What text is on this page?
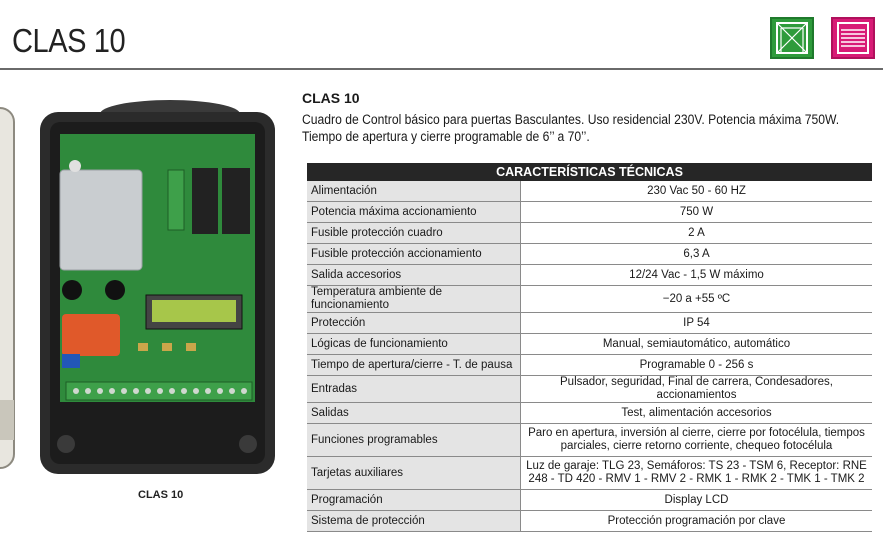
CLAS 10
CLAS 10
CLAS 10
Cuadro de Control básico para puertas Basculantes. Uso residencial 230V. Potencia máxima 750W. Tiempo de apertura y cierre programable de 6’’ a 70’’.
CARACTERÍSTICAS TÉCNICAS	
Alimentación	230 Vac 50 - 60 HZ
Potencia máxima accionamiento	750 W
Fusible protección cuadro	2 A
Fusible protección accionamiento	6,3 A
Salida accesorios	12/24 Vac - 1,5 W máximo
Temperatura ambiente de funcionamiento	−20 a +55 ºC
Protección	IP 54
Lógicas de funcionamiento	Manual, semiautomático, automático
Tiempo de apertura/cierre - T. de pausa	Programable 0 - 256 s
Entradas	Pulsador, seguridad, Final de carrera, Condesadores, accionamientos
Salidas	Test, alimentación accesorios
Funciones programables	Paro en apertura, inversión al cierre, cierre por fotocélula, tiempos parciales, cierre retorno corriente, chequeo fotocélula
Tarjetas auxiliares	Luz de garaje: TLG 23, Semáforos: TS 23 - TSM 6, Receptor: RNE 248 - TD 420 - RMV 1 - RMV 2 - RMK 1 - RMK 2 - TMK 1 - TMK 2
Programación	Display LCD
Sistema de protección	Protección programación por clave
